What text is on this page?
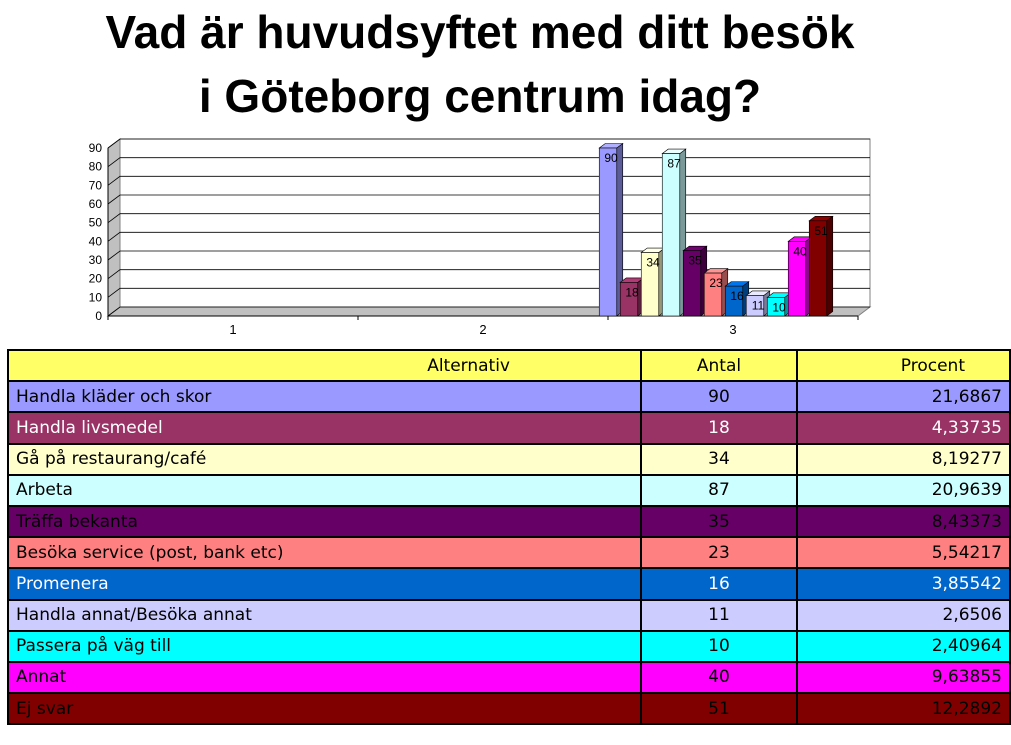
Vad är huvudsyftet med ditt besök
i Göteborg centrum idag?
0
10
20
30
40
50
60
70
80
90
1	2	3
90
18
34
87
35
23
16
11 10
40
51
Alternativ	Antal	Procent
Handla kläder och skor	90	21,6867
Handla livsmedel	18	4,33735
Gå på restaurang/café	34	8,19277
Arbeta	87	20,9639
Träffa bekanta	35	8,43373
Besöka service (post, bank etc)	23	5,54217
Promenera	16	3,85542
Handla annat/Besöka annat	11	2,6506
Passera på väg till	10	2,40964
Annat	40	9,63855
Ej svar	51	12,2892
